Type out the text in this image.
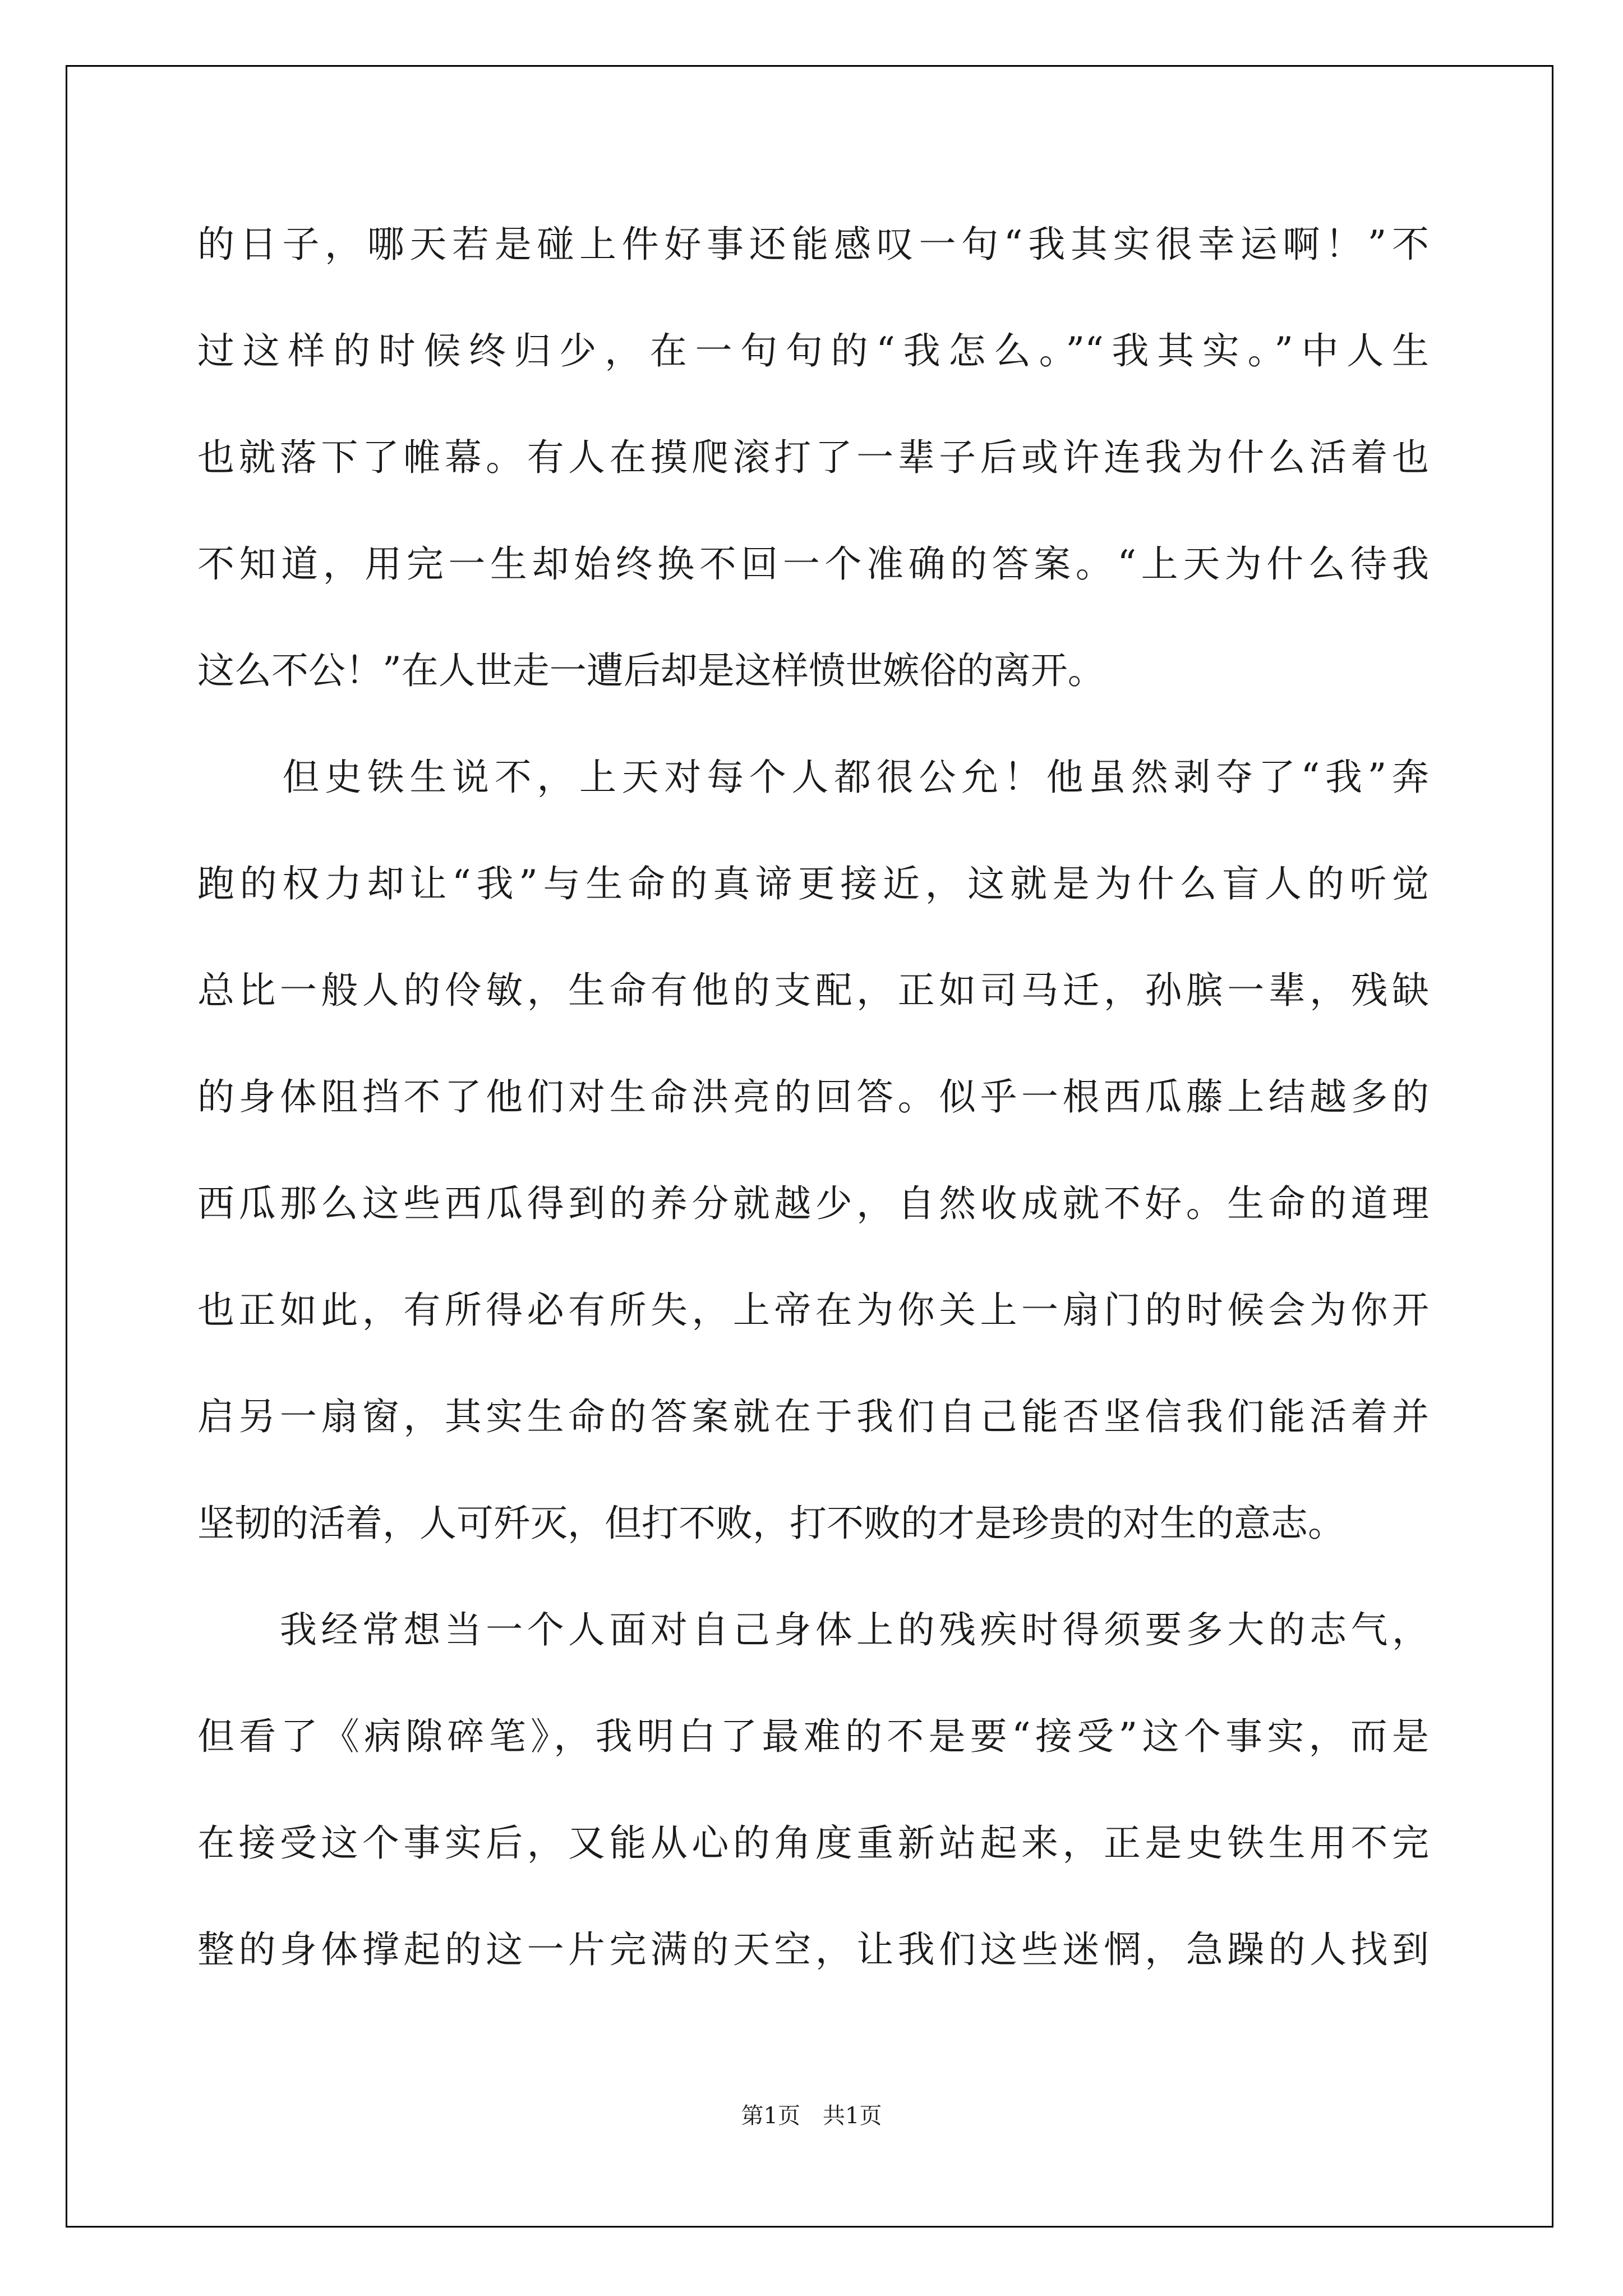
的日子，哪天若是碰上件好事还能感叹一句“我其实很幸运啊！”不
过这样的时候终归少，在一句句的“我怎么。”“我其实。”中人生
也就落下了帷幕。有人在摸爬滚打了一辈子后或许连我为什么活着也
不知道，用完一生却始终换不回一个准确的答案。“上天为什么待我
这么不公！”在人世走一遭后却是这样愤世嫉俗的离开。
　　但史铁生说不，上天对每个人都很公允！他虽然剥夺了“我”奔
跑的权力却让“我”与生命的真谛更接近，这就是为什么盲人的听觉
总比一般人的伶敏，生命有他的支配，正如司马迁，孙膑一辈，残缺
的身体阻挡不了他们对生命洪亮的回答。似乎一根西瓜藤上结越多的
西瓜那么这些西瓜得到的养分就越少，自然收成就不好。生命的道理
也正如此，有所得必有所失，上帝在为你关上一扇门的时候会为你开
启另一扇窗，其实生命的答案就在于我们自己能否坚信我们能活着并
坚韧的活着，人可歼灭，但打不败，打不败的才是珍贵的对生的意志。
　　我经常想当一个人面对自己身体上的残疾时得须要多大的志气，
但看了《病隙碎笔》，我明白了最难的不是要“接受”这个事实，而是
在接受这个事实后，又能从心的角度重新站起来，正是史铁生用不完
整的身体撑起的这一片完满的天空，让我们这些迷惘，急躁的人找到
第1页　共1页
